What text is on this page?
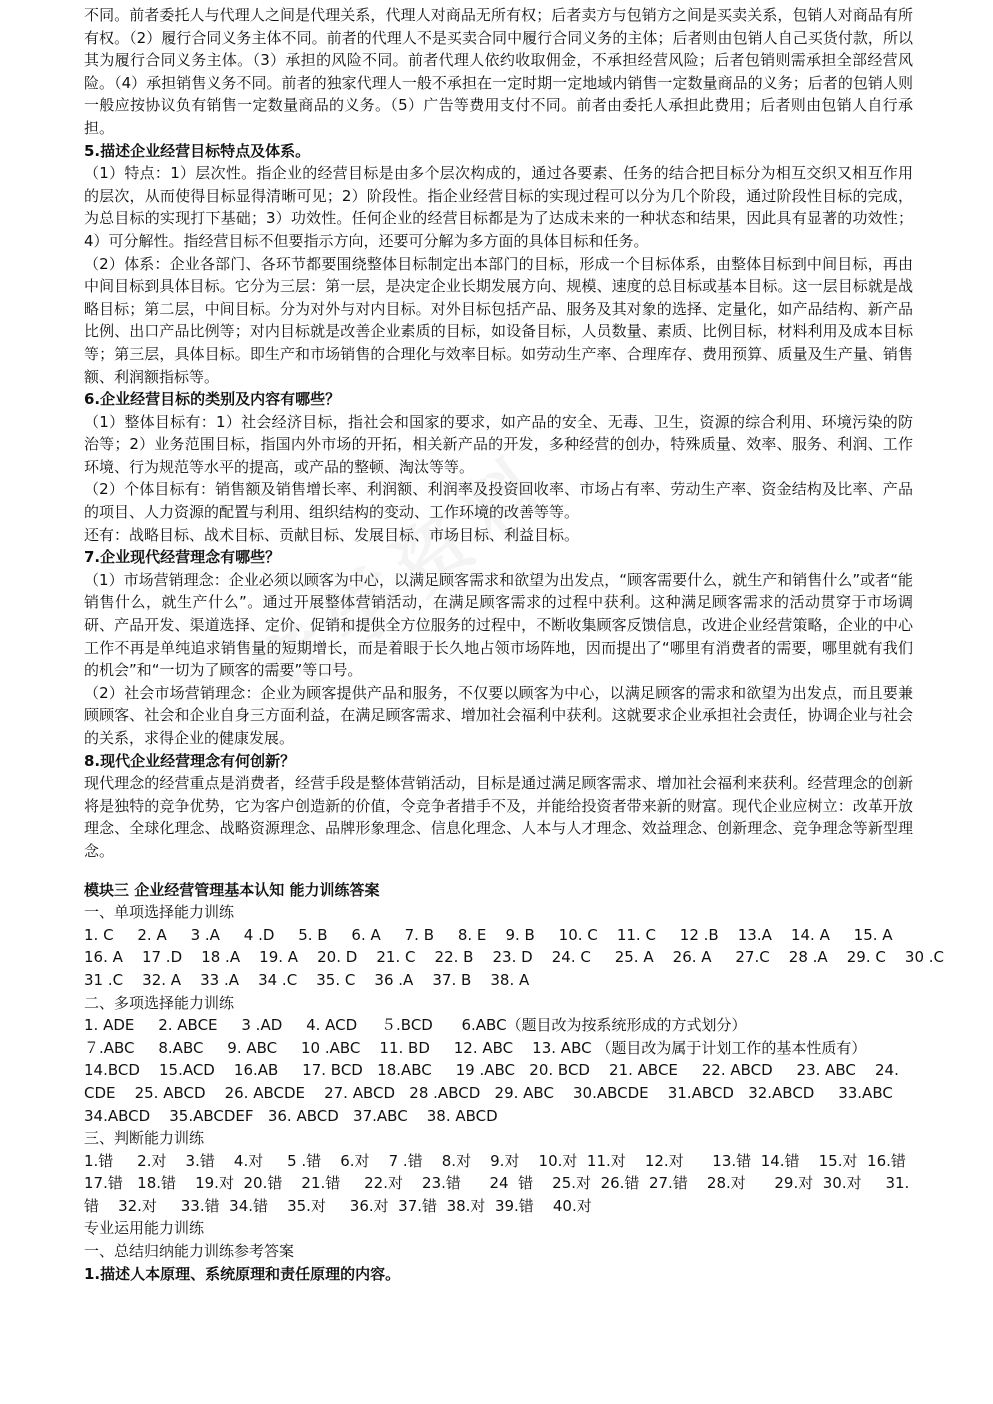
不同。前者委托人与代理人之间是代理关系，代理人对商品无所有权；后者卖方与包销方之间是买卖关系，包销人对商品有所有权。（2）履行合同义务主体不同。前者的代理人不是买卖合同中履行合同义务的主体；后者则由包销人自己买货付款，所以其为履行合同义务主体。（3）承担的风险不同。前者代理人依约收取佣金，不承担经营风险；后者包销则需承担全部经营风险。（4）承担销售义务不同。前者的独家代理人一般不承担在一定时期一定地域内销售一定数量商品的义务；后者的包销人则一般应按协议负有销售一定数量商品的义务。（5）广告等费用支付不同。前者由委托人承担此费用；后者则由包销人自行承担。

5.描述企业经营目标特点及体系。

（1）特点：1）层次性。指企业的经营目标是由多个层次构成的，通过各要素、任务的结合把目标分为相互交织又相互作用的层次，从而使得目标显得清晰可见；2）阶段性。指企业经营目标的实现过程可以分为几个阶段，通过阶段性目标的完成，为总目标的实现打下基础；3）功效性。任何企业的经营目标都是为了达成未来的一种状态和结果，因此具有显著的功效性；4）可分解性。指经营目标不但要指示方向，还要可分解为多方面的具体目标和任务。

（2）体系：企业各部门、各环节都要围绕整体目标制定出本部门的目标，形成一个目标体系，由整体目标到中间目标，再由中间目标到具体目标。它分为三层：第一层，是决定企业长期发展方向、规模、速度的总目标或基本目标。这一层目标就是战略目标；第二层，中间目标。分为对外与对内目标。对外目标包括产品、服务及其对象的选择、定量化，如产品结构、新产品比例、出口产品比例等；对内目标就是改善企业素质的目标，如设备目标，人员数量、素质、比例目标，材料利用及成本目标等；第三层，具体目标。即生产和市场销售的合理化与效率目标。如劳动生产率、合理库存、费用预算、质量及生产量、销售额、利润额指标等。

6.企业经营目标的类别及内容有哪些？

（1）整体目标有：1）社会经济目标，指社会和国家的要求，如产品的安全、无毒、卫生，资源的综合利用、环境污染的防治等；2）业务范围目标，指国内外市场的开拓，相关新产品的开发，多种经营的创办，特殊质量、效率、服务、利润、工作环境、行为规范等水平的提高，或产品的整顿、淘汰等等。

（2）个体目标有：销售额及销售增长率、利润额、利润率及投资回收率、市场占有率、劳动生产率、资金结构及比率、产品的项目、人力资源的配置与利用、组织结构的变动、工作环境的改善等等。

还有：战略目标、战术目标、贡献目标、发展目标、市场目标、利益目标。

7.企业现代经营理念有哪些？

（1）市场营销理念：企业必须以顾客为中心，以满足顾客需求和欲望为出发点，“顾客需要什么，就生产和销售什么”或者“能销售什么，就生产什么”。通过开展整体营销活动，在满足顾客需求的过程中获利。这种满足顾客需求的活动贯穿于市场调研、产品开发、渠道选择、定价、促销和提供全方位服务的过程中，不断收集顾客反馈信息，改进企业经营策略，企业的中心工作不再是单纯追求销售量的短期增长，而是着眼于长久地占领市场阵地，因而提出了“哪里有消费者的需要，哪里就有我们的机会”和“一切为了顾客的需要”等口号。

（2）社会市场营销理念：企业为顾客提供产品和服务，不仅要以顾客为中心，以满足顾客的需求和欲望为出发点，而且要兼顾顾客、社会和企业自身三方面利益，在满足顾客需求、增加社会福利中获利。这就要求企业承担社会责任，协调企业与社会的关系，求得企业的健康发展。

8.现代企业经营理念有何创新？

现代理念的经营重点是消费者，经营手段是整体营销活动，目标是通过满足顾客需求、增加社会福利来获利。经营理念的创新将是独特的竞争优势，它为客户创造新的价值，令竞争者措手不及，并能给投资者带来新的财富。现代企业应树立：改革开放理念、全球化理念、战略资源理念、品牌形象理念、信息化理念、人本与人才理念、效益理念、创新理念、竞争理念等新型理念。

模块三 企业经营管理基本认知 能力训练答案

一、单项选择能力训练

1. C     2. A     3 .A     4 .D     5. B     6. A     7. B     8. E    9. B     10. C    11. C     12 .B    13.A    14. A     15. A

16. A    17 .D    18 .A    19. A    20. D    21. C    22. B    23. D    24. C     25. A    26. A     27.C    28 .A    29. C    30 .C

31 .C    32. A    33 .A    34 .C    35. C    36 .A    37. B    38. A

二、多项选择能力训练

1. ADE     2. ABCE     3 .AD     4. ACD     ５.BCD      6.ABC（题目改为按系统形成的方式划分）

７.ABC     8.ABC     9. ABC     10 .ABC    11. BD     12. ABC    13. ABC （题目改为属于计划工作的基本性质有）

14.BCD    15.ACD    16.AB     17. BCD   18.ABC     19 .ABC   20. BCD    21. ABCE     22. ABCD     23. ABC    24.

CDE    25. ABCD    26. ABCDE    27. ABCD   28 .ABCD   29. ABC    30.ABCDE    31.ABCD   32.ABCD     33.ABC

34.ABCD    35.ABCDEF   36. ABCD   37.ABC    38. ABCD

三、判断能力训练

1.错     2.对    3.错    4.对     5 .错    6.对    7 .错    8.对    9.对    10.对  11.对    12.对      13.错  14.错    15.对  16.错

17.错   18.错    19.对  20.错    21.错     22.对    23.错      24  错    25.对  26.错  27.错    28.对      29.对  30.对     31.

错    32.对     33.错  34.错    35.对     36.对  37.错  38.对  39.错    40.对

专业运用能力训练

一、总结归纳能力训练参考答案

1.描述人本原理、系统原理和责任原理的内容。
